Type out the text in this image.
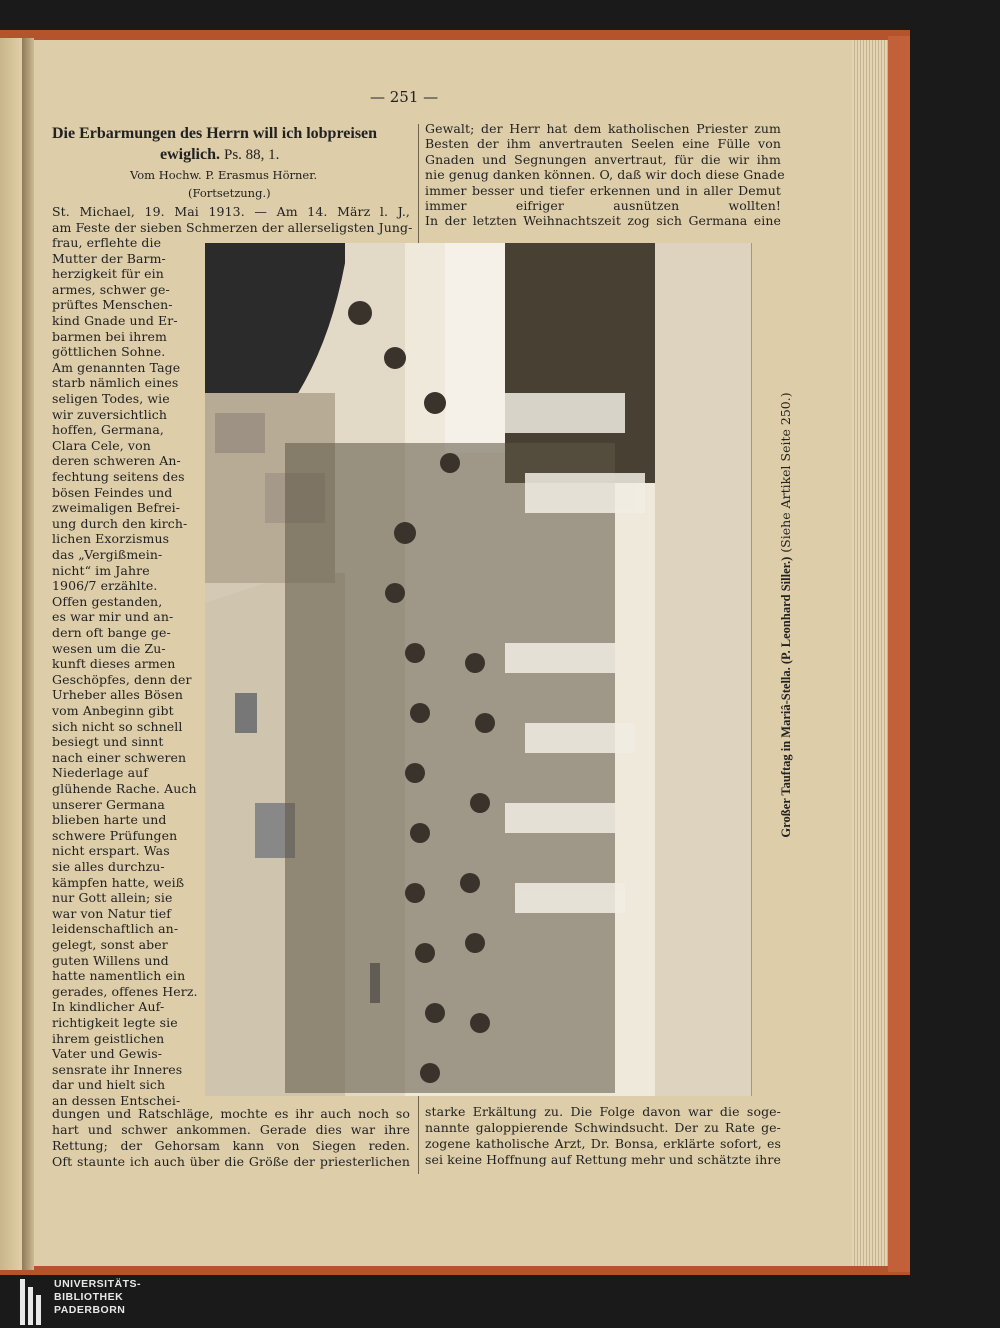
— 251 —
Die Erbarmungen des Herrn will ich lobpreisen
ewiglich. Ps. 88, 1.
Vom Hochw. P. Erasmus Hörner.
(Fortsetzung.)
St. Michael, 19. Mai 1913. — Am 14. März l. J.,
am Feste der sieben Schmerzen der allerseligsten Jung-
frau, erflehte die
Mutter der Barm-
herzigkeit für ein
armes, schwer ge-
prüftes Menschen-
kind Gnade und Er-
barmen bei ihrem
göttlichen Sohne.
Am genannten Tage
starb nämlich eines
seligen Todes, wie
wir zuversichtlich
hoffen, Germana,
Clara Cele, von
deren schweren An-
fechtung seitens des
bösen Feindes und
zweimaligen Befrei-
ung durch den kirch-
lichen Exorzismus
das „Vergißmein-
nicht“ im Jahre
1906/7 erzählte.
Offen gestanden,
es war mir und an-
dern oft bange ge-
wesen um die Zu-
kunft dieses armen
Geschöpfes, denn der
Urheber alles Bösen
vom Anbeginn gibt
sich nicht so schnell
besiegt und sinnt
nach einer schweren
Niederlage auf
glühende Rache. Auch
unserer Germana
blieben harte und
schwere Prüfungen
nicht erspart. Was
sie alles durchzu-
kämpfen hatte, weiß
nur Gott allein; sie
war von Natur tief
leidenschaftlich an-
gelegt, sonst aber
guten Willens und
hatte namentlich ein
gerades, offenes Herz.
In kindlicher Auf-
richtigkeit legte sie
ihrem geistlichen
Vater und Gewis-
sensrate ihr Inneres
dar und hielt sich
an dessen Entschei-
dungen und Ratschläge, mochte es ihr auch noch so
hart und schwer ankommen. Gerade dies war ihre
Rettung; der Gehorsam kann von Siegen reden.
Oft staunte ich auch über die Größe der priesterlichen
Gewalt; der Herr hat dem katholischen Priester zum
Besten der ihm anvertrauten Seelen eine Fülle von
Gnaden und Segnungen anvertraut, für die wir ihm
nie genug danken können. O, daß wir doch diese Gnade
immer besser und tiefer erkennen und in aller Demut
immer eifriger ausnützen wollten!
In der letzten Weihnachtszeit zog sich Germana eine
starke Erkältung zu. Die Folge davon war die soge-
nannte galoppierende Schwindsucht. Der zu Rate ge-
zogene katholische Arzt, Dr. Bonsa, erklärte sofort, es
sei keine Hoffnung auf Rettung mehr und schätzte ihre
Großer Tauftag in Mariâ-Stella. (P. Leonhard Siller.) (Siehe Artikel Seite 250.)
UNIVERSITÄTS-
BIBLIOTHEK
PADERBORN
